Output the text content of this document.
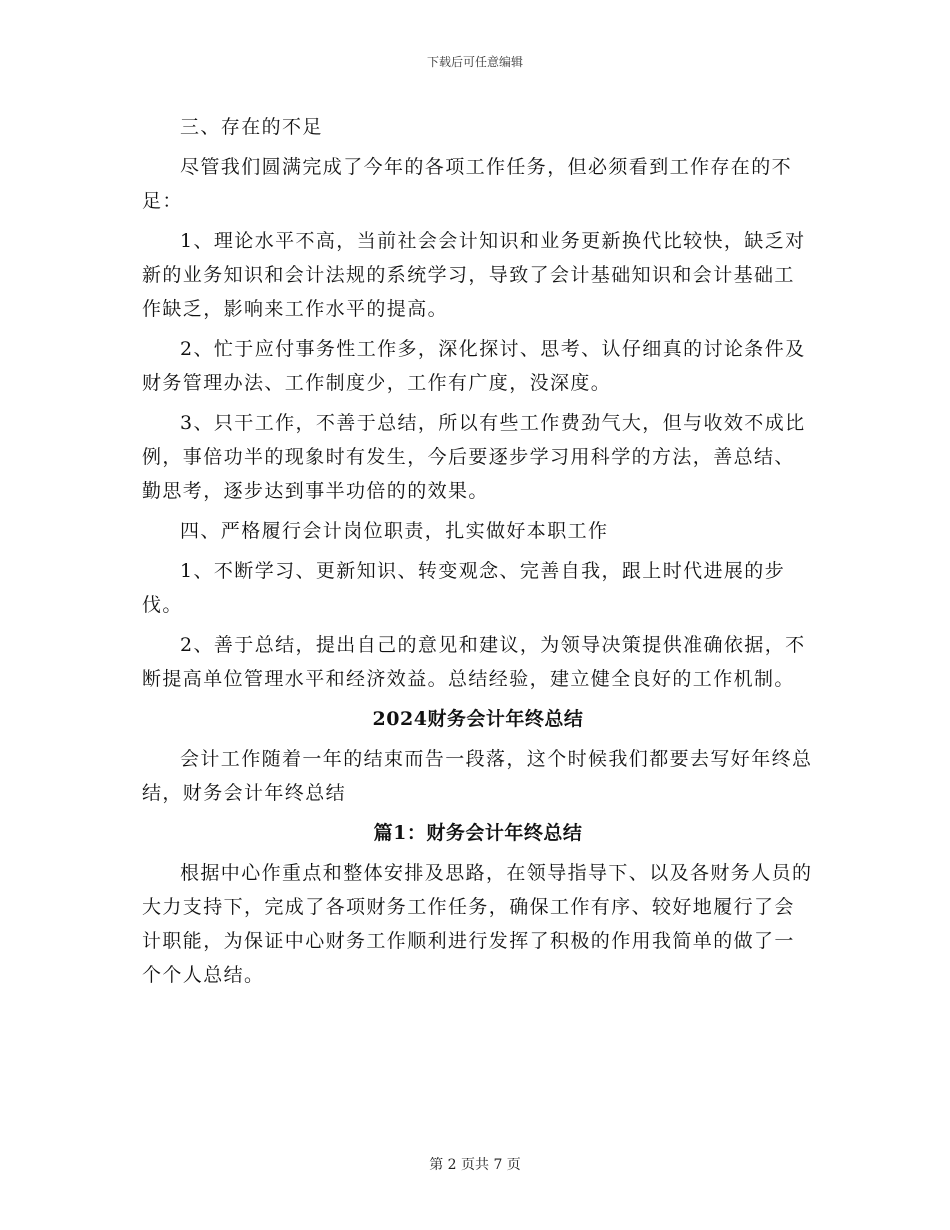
下载后可任意编辑

三、存在的不足

尽管我们圆满完成了今年的各项工作任务，但必须看到工作存在的不足：

1、理论水平不高，当前社会会计知识和业务更新换代比较快，缺乏对新的业务知识和会计法规的系统学习，导致了会计基础知识和会计基础工作缺乏，影响来工作水平的提高。

2、忙于应付事务性工作多，深化探讨、思考、认仔细真的讨论条件及财务管理办法、工作制度少，工作有广度，没深度。

3、只干工作，不善于总结，所以有些工作费劲气大，但与收效不成比例，事倍功半的现象时有发生，今后要逐步学习用科学的方法，善总结、勤思考，逐步达到事半功倍的的效果。

四、严格履行会计岗位职责，扎实做好本职工作

1、不断学习、更新知识、转变观念、完善自我，跟上时代进展的步伐。

2、善于总结，提出自己的意见和建议，为领导决策提供准确依据，不断提高单位管理水平和经济效益。总结经验，建立健全良好的工作机制。

2024财务会计年终总结

会计工作随着一年的结束而告一段落，这个时候我们都要去写好年终总结，财务会计年终总结

篇1：财务会计年终总结

根据中心作重点和整体安排及思路，在领导指导下、以及各财务人员的大力支持下，完成了各项财务工作任务，确保工作有序、较好地履行了会计职能，为保证中心财务工作顺利进行发挥了积极的作用我简单的做了一个个人总结。

第 2 页共 7 页
